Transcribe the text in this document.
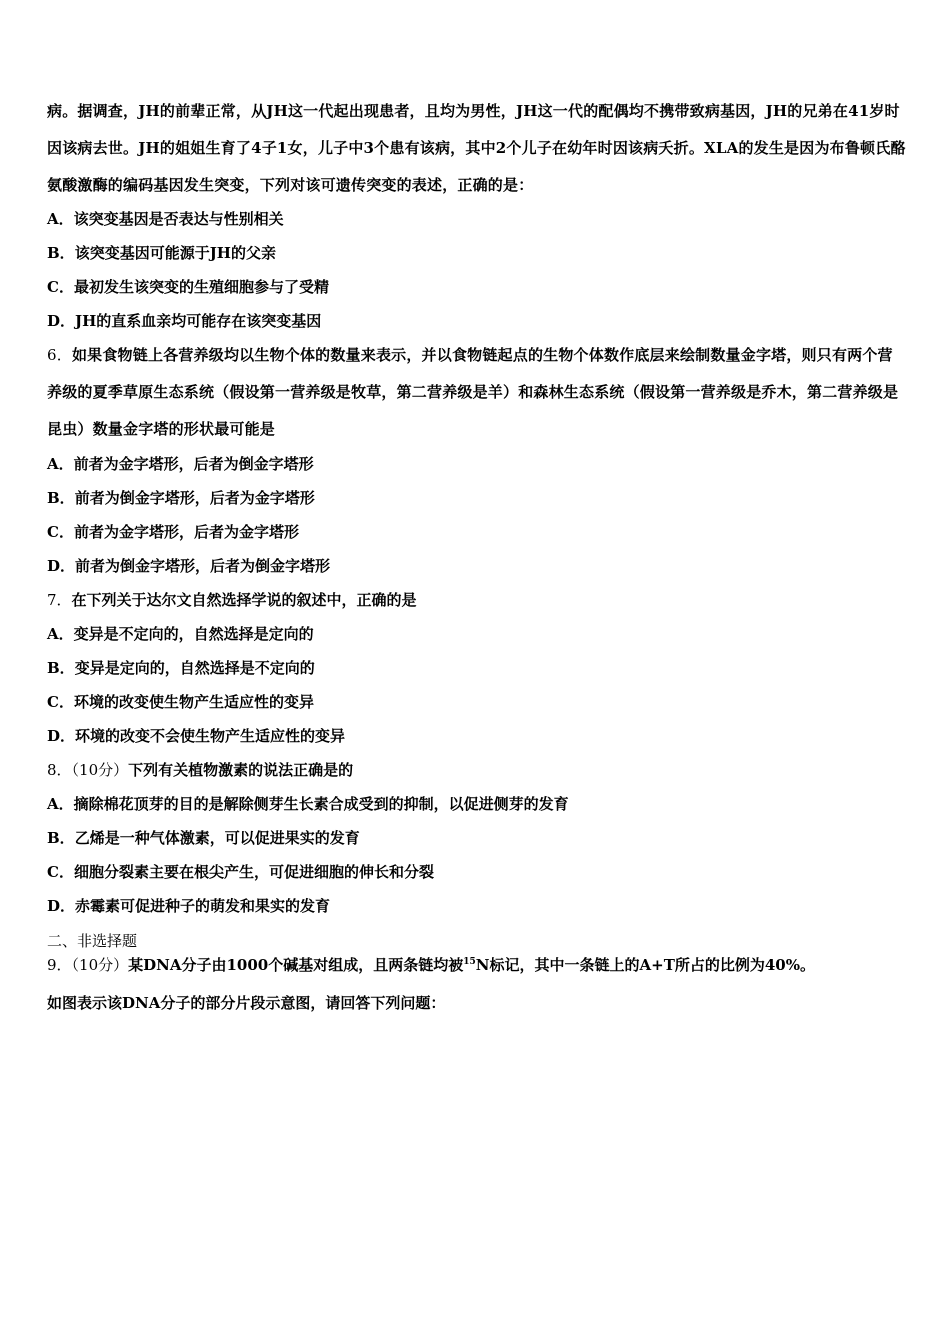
病。据调查，JH的前辈正常，从JH这一代起出现患者，且均为男性，JH这一代的配偶均不携带致病基因，JH的兄弟在41岁时因该病去世。JH的姐姐生育了4子1女，儿子中3个患有该病，其中2个儿子在幼年时因该病夭折。XLA的发生是因为布鲁顿氏酪氨酸激酶的编码基因发生突变，下列对该可遗传突变的表述，正确的是：
A．该突变基因是否表达与性别相关
B．该突变基因可能源于JH的父亲
C．最初发生该突变的生殖细胞参与了受精
D．JH的直系血亲均可能存在该突变基因
6．如果食物链上各营养级均以生物个体的数量来表示，并以食物链起点的生物个体数作底层来绘制数量金字塔，则只有两个营养级的夏季草原生态系统（假设第一营养级是牧草，第二营养级是羊）和森林生态系统（假设第一营养级是乔木，第二营养级是昆虫）数量金字塔的形状最可能是
A．前者为金字塔形，后者为倒金字塔形
B．前者为倒金字塔形，后者为金字塔形
C．前者为金字塔形，后者为金字塔形
D．前者为倒金字塔形，后者为倒金字塔形
7．在下列关于达尔文自然选择学说的叙述中，正确的是
A．变异是不定向的，自然选择是定向的
B．变异是定向的，自然选择是不定向的
C．环境的改变使生物产生适应性的变异
D．环境的改变不会使生物产生适应性的变异
8．（10分）下列有关植物激素的说法正确是的
A．摘除棉花顶芽的目的是解除侧芽生长素合成受到的抑制，以促进侧芽的发育
B．乙烯是一种气体激素，可以促进果实的发育
C．细胞分裂素主要在根尖产生，可促进细胞的伸长和分裂
D．赤霉素可促进种子的萌发和果实的发育
二、非选择题
9．（10分）某DNA分子由1000个碱基对组成，且两条链均被$^{15}$N标记，其中一条链上的A+T所占的比例为40%。
如图表示该DNA分子的部分片段示意图，请回答下列问题：
